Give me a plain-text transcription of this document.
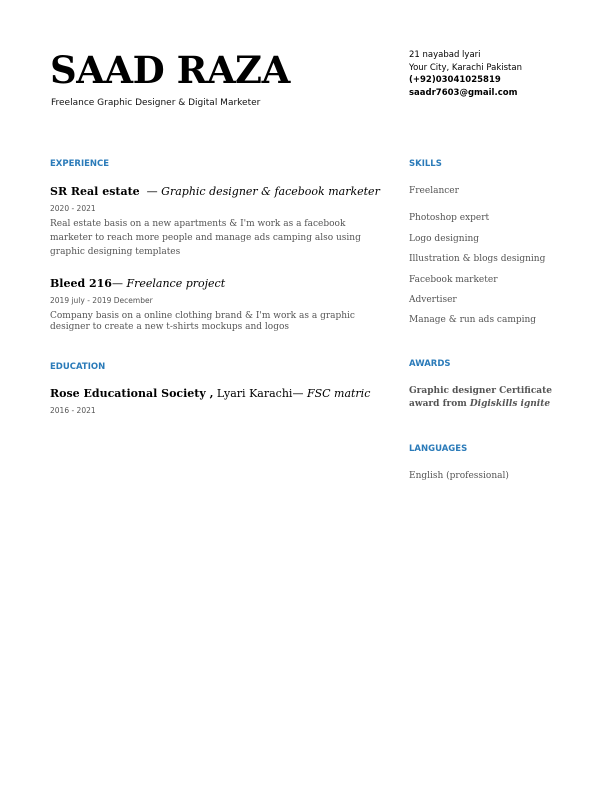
SAAD RAZA
Freelance Graphic Designer & Digital Marketer
21 nayabad lyari
Your City, Karachi Pakistan
(+92)03041025819
saadr7603@gmail.com
EXPERIENCE
SR Real estate  — Graphic designer & facebook marketer
2020 - 2021
Real estate basis on a new apartments & I'm work as a facebook marketer to reach more people and manage ads camping also using graphic designing templates
Bleed 216— Freelance project
2019 july - 2019 December
Company basis on a online clothing brand & I'm work as a graphic designer to create a new t-shirts mockups and logos
EDUCATION
Rose Educational Society , Lyari Karachi— FSC matric
2016 - 2021
SKILLS
Freelancer
Photoshop expert
Logo designing
Illustration & blogs designing
Facebook marketer
Advertiser
Manage & run ads camping
AWARDS
Graphic designer Certificate
award from Digiskills ignite
LANGUAGES
English (professional)
